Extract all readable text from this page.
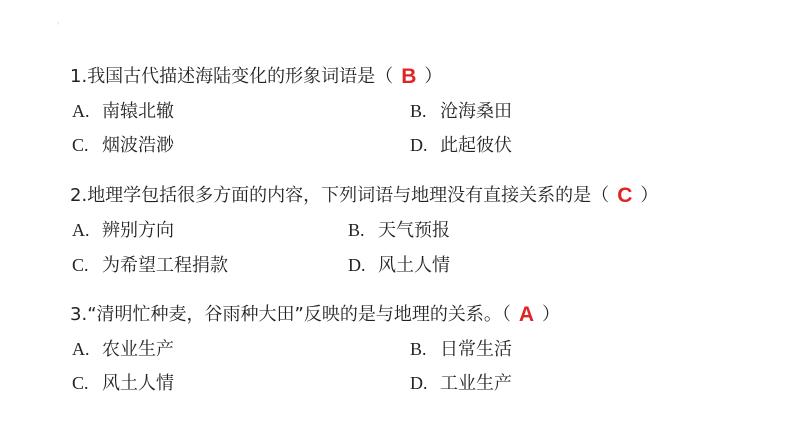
◦
1.我国古代描述海陆变化的形象词语是（ B ）
A. 南辕北辙	B. 沧海桑田
C. 烟波浩渺	D. 此起彼伏
2.地理学包括很多方面的内容，下列词语与地理没有直接关系的是（ C ）
A. 辨别方向	B. 天气预报
C. 为希望工程捐款	D. 风土人情
3.“清明忙种麦，谷雨种大田”反映的是与地理的关系。（ A ）
A. 农业生产	B. 日常生活
C. 风土人情	D. 工业生产
